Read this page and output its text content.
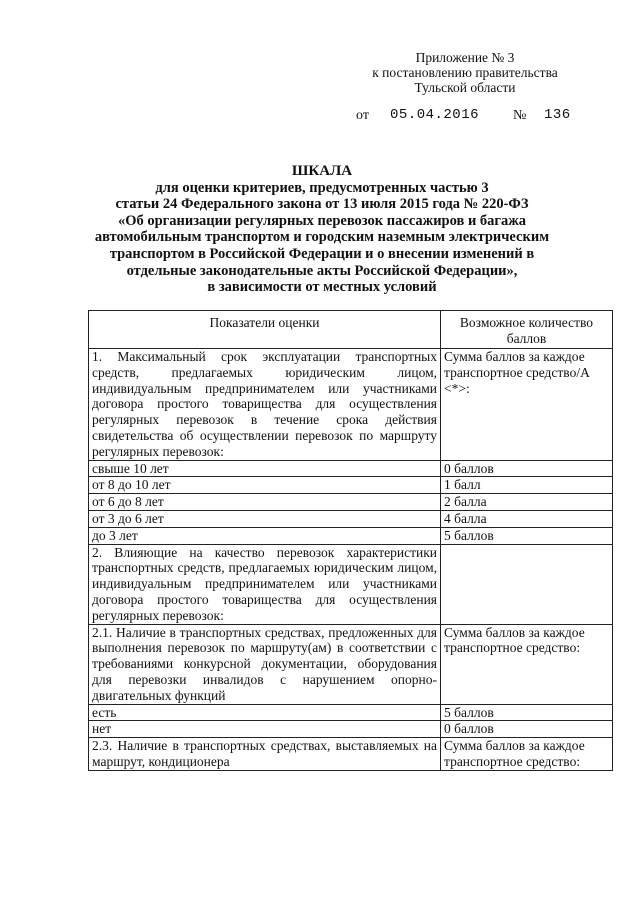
Приложение № 3
к постановлению правительства
Тульской области
от 05.04.2016 № 136
ШКАЛА
для оценки критериев, предусмотренных частью 3
статьи 24 Федерального закона от 13 июля 2015 года № 220-ФЗ
«Об организации регулярных перевозок пассажиров и багажа
автомобильным транспортом и городским наземным электрическим
транспортом в Российской Федерации и о внесении изменений в
отдельные законодательные акты Российской Федерации»,
в зависимости от местных условий
Показатели оценки	Возможное количество баллов
1. Максимальный срок эксплуатации транспортных средств, предлагаемых юридическим лицом, индивидуальным предпринимателем или участниками договора простого товарищества для осуществления регулярных перевозок в течение срока действия свидетельства об осуществлении перевозок по маршруту регулярных перевозок:	Сумма баллов за каждое транспортное средство/А <*>:
свыше 10 лет	0 баллов
от 8 до 10 лет	1 балл
от 6 до 8 лет	2 балла
от 3 до 6 лет	4 балла
до 3 лет	5 баллов
2. Влияющие на качество перевозок характеристики транспортных средств, предлагаемых юридическим лицом, индивидуальным предпринимателем или участниками договора простого товарищества для осуществления регулярных перевозок:	
2.1. Наличие в транспортных средствах, предложенных для выполнения перевозок по маршруту(ам) в соответствии с требованиями конкурсной документации, оборудования для перевозки инвалидов с нарушением опорно-двигательных функций	Сумма баллов за каждое транспортное средство:
есть	5 баллов
нет	0 баллов
2.3. Наличие в транспортных средствах, выставляемых на маршрут, кондиционера	Сумма баллов за каждое транспортное средство:
